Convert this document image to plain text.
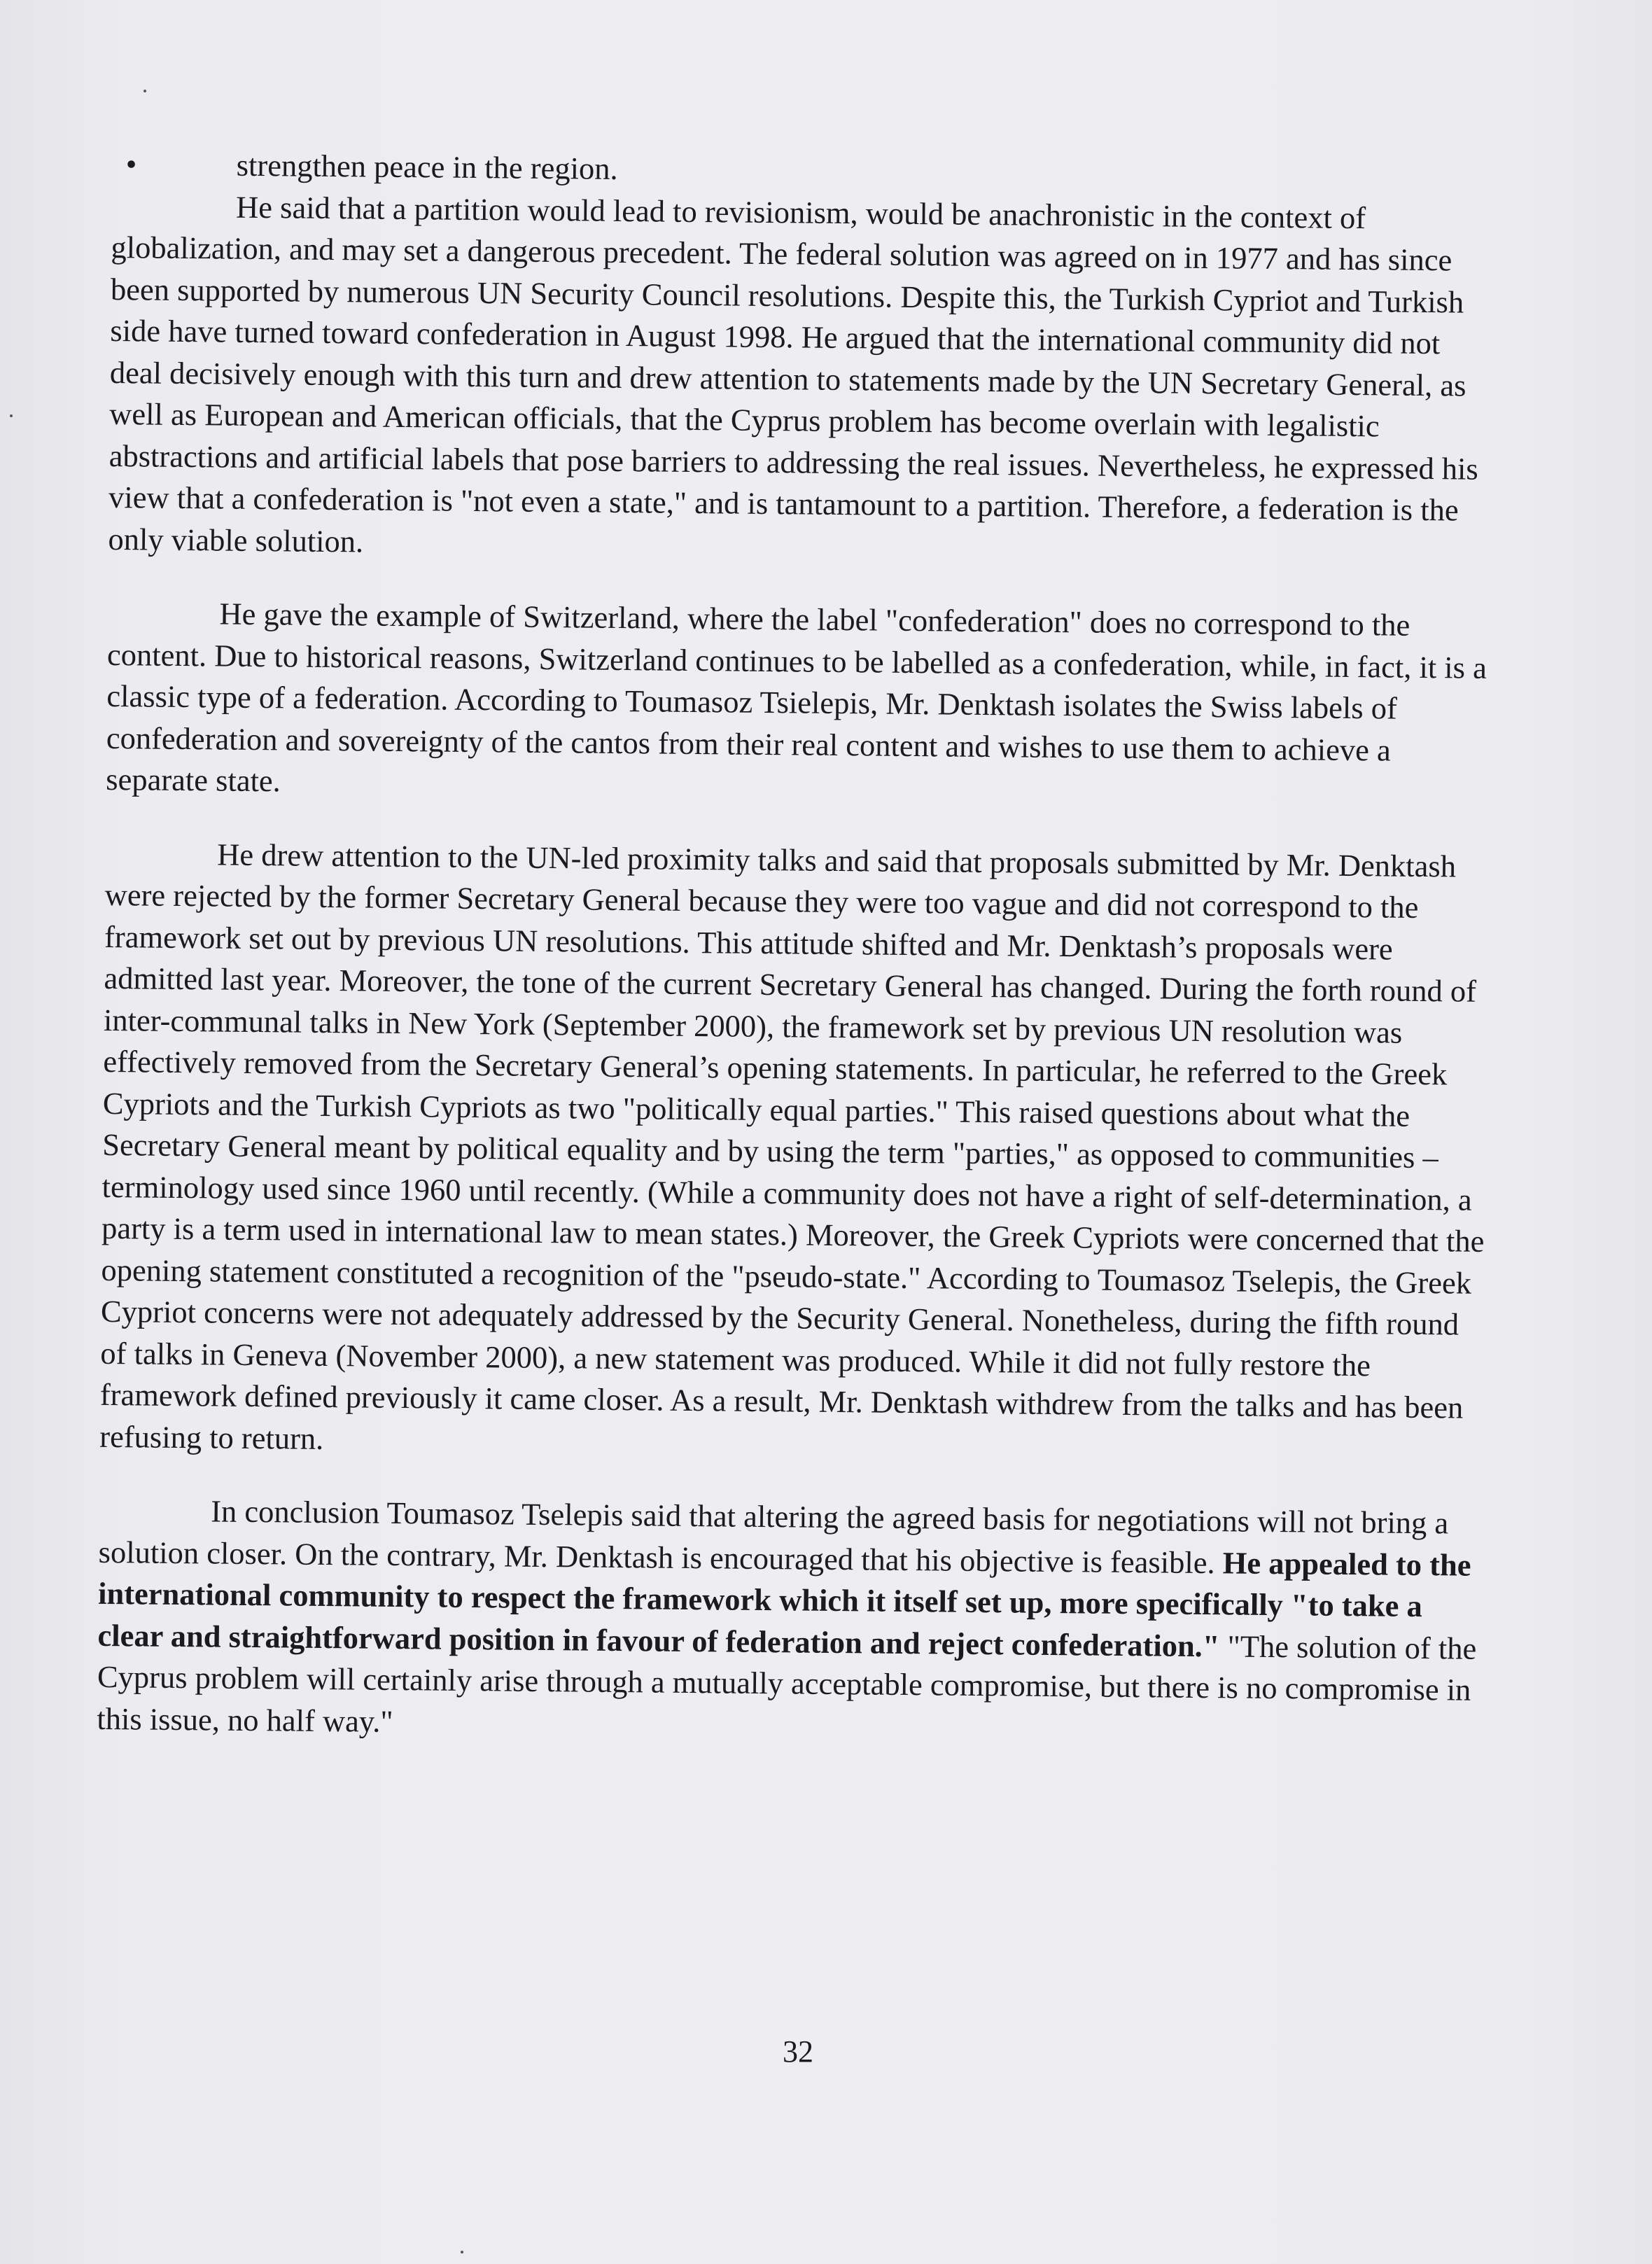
•	strengthen peace in the region.

He said that a partition would lead to revisionism, would be anachronistic in the context of globalization, and may set a dangerous precedent. The federal solution was agreed on in 1977 and has since been supported by numerous UN Security Council resolutions. Despite this, the Turkish Cypriot and Turkish side have turned toward confederation in August 1998. He argued that the international community did not deal decisively enough with this turn and drew attention to statements made by the UN Secretary General, as well as European and American officials, that the Cyprus problem has become overlain with legalistic abstractions and artificial labels that pose barriers to addressing the real issues. Nevertheless, he expressed his view that a confederation is "not even a state," and is tantamount to a partition. Therefore, a federation is the only viable solution.

He gave the example of Switzerland, where the label "confederation" does no correspond to the content. Due to historical reasons, Switzerland continues to be labelled as a confederation, while, in fact, it is a classic type of a federation. According to Toumasoz Tsielepis, Mr. Denktash isolates the Swiss labels of confederation and sovereignty of the cantos from their real content and wishes to use them to achieve a separate state.

He drew attention to the UN-led proximity talks and said that proposals submitted by Mr. Denktash were rejected by the former Secretary General because they were too vague and did not correspond to the framework set out by previous UN resolutions. This attitude shifted and Mr. Denktash’s proposals were admitted last year. Moreover, the tone of the current Secretary General has changed. During the forth round of inter-communal talks in New York (September 2000), the framework set by previous UN resolution was effectively removed from the Secretary General’s opening statements. In particular, he referred to the Greek Cypriots and the Turkish Cypriots as two "politically equal parties." This raised questions about what the Secretary General meant by political equality and by using the term "parties," as opposed to communities – terminology used since 1960 until recently. (While a community does not have a right of self-determination, a party is a term used in international law to mean states.) Moreover, the Greek Cypriots were concerned that the opening statement constituted a recognition of the "pseudo-state." According to Toumasoz Tselepis, the Greek Cypriot concerns were not adequately addressed by the Security General. Nonetheless, during the fifth round of talks in Geneva (November 2000), a new statement was produced. While it did not fully restore the framework defined previously it came closer. As a result, Mr. Denktash withdrew from the talks and has been refusing to return.

In conclusion Toumasoz Tselepis said that altering the agreed basis for negotiations will not bring a solution closer. On the contrary, Mr. Denktash is encouraged that his objective is feasible. He appealed to the international community to respect the framework which it itself set up, more specifically "to take a clear and straightforward position in favour of federation and reject confederation." "The solution of the Cyprus problem will certainly arise through a mutually acceptable compromise, but there is no compromise in this issue, no half way."

32
